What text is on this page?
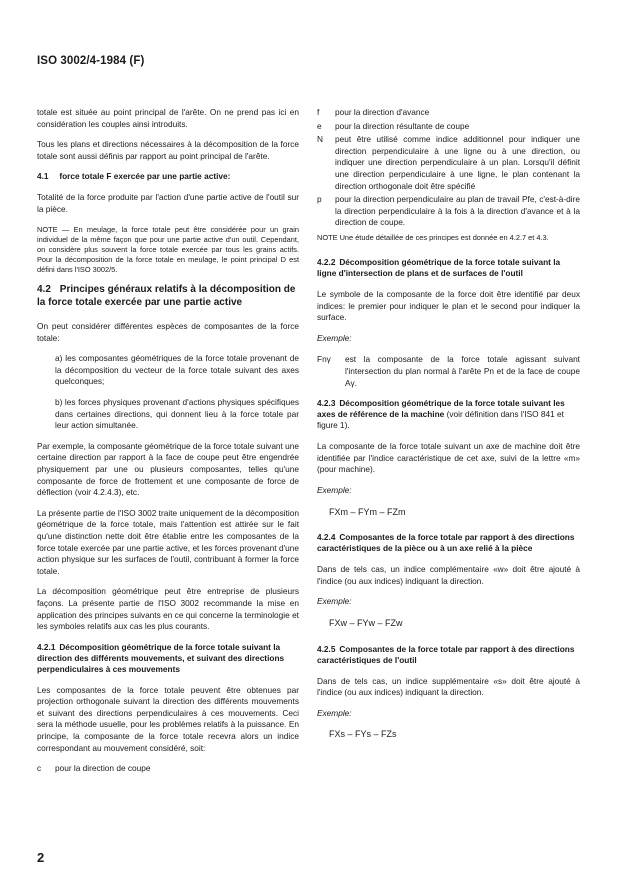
ISO 3002/4-1984 (F)

totale est située au point principal de l'arête. On ne prend pas ici en considération les couples ainsi introduits.

Tous les plans et directions nécessaires à la décomposition de la force totale sont aussi définis par rapport au point principal de l'arête.

4.1 force totale F exercée par une partie active:

Totalité de la force produite par l'action d'une partie active de l'outil sur la pièce.

NOTE — En meulage, la force totale peut être considérée pour un grain individuel de la même façon que pour une partie active d'un outil. Cependant, on considère plus souvent la force totale exercée par tous les grains actifs. Pour la décomposition de la force totale en meulage, le point principal D est défini dans l'ISO 3002/5.

4.2 Principes généraux relatifs à la décomposition de la force totale exercée par une partie active

On peut considérer différentes espèces de composantes de la force totale:

a) les composantes géométriques de la force totale provenant de la décomposition du vecteur de la force totale suivant des axes quelconques;

b) les forces physiques provenant d'actions physiques spécifiques dans certaines directions, qui donnent lieu à la force totale par leur action simultanée.

Par exemple, la composante géométrique de la force totale suivant une certaine direction par rapport à la face de coupe peut être engendrée physiquement par une ou plusieurs composantes, telles qu'une composante de force de frottement et une composante de force de déflection (voir 4.2.4.3), etc.

La présente partie de l'ISO 3002 traite uniquement de la décomposition géométrique de la force totale, mais l'attention est attirée sur le fait qu'une distinction nette doit être établie entre les composantes de la force totale exercée par une partie active, et les forces provenant d'une action physique sur les surfaces de l'outil, contribuant à former la force totale.

La décomposition géométrique peut être entreprise de plusieurs façons. La présente partie de l'ISO 3002 recommande la mise en application des principes suivants en ce qui concerne la terminologie et les symboles relatifs aux cas les plus courants.

4.2.1 Décomposition géométrique de la force totale suivant la direction des différents mouvements, et suivant des directions perpendiculaires à ces mouvements

Les composantes de la force totale peuvent être obtenues par projection orthogonale suivant la direction des différents mouvements et suivant des directions perpendiculaires à ces mouvements. Ceci sera la méthode usuelle, pour les problèmes relatifs à la puissance. En principe, la composante de la force totale recevra alors un indice correspondant au mouvement considéré, soit:

c	pour la direction de coupe

f	pour la direction d'avance

e	pour la direction résultante de coupe

N	peut être utilisé comme indice additionnel pour indiquer une direction perpendiculaire à une ligne ou à une direction, ou indiquer une direction perpendiculaire à un plan. Lorsqu'il définit une direction perpendiculaire à une ligne, le plan contenant la direction orthogonale doit être spécifié

p	pour la direction perpendiculaire au plan de travail Pfe, c'est-à-dire la direction perpendiculaire à la fois à la direction d'avance et à la direction de coupe.

NOTE Une étude détaillée de ces principes est donnée en 4.2.7 et 4.3.

4.2.2 Décomposition géométrique de la force totale suivant la ligne d'intersection de plans et de surfaces de l'outil

Le symbole de la composante de la force doit être identifié par deux indices: le premier pour indiquer le plan et le second pour indiquer la surface.

Exemple:

Fnγ	est la composante de la force totale agissant suivant l'intersection du plan normal à l'arête Pn et de la face de coupe Aγ.

4.2.3 Décomposition géométrique de la force totale suivant les axes de référence de la machine (voir définition dans l'ISO 841 et figure 1).

La composante de la force totale suivant un axe de machine doit être identifiée par l'indice caractéristique de cet axe, suivi de la lettre «m» (pour machine).

Exemple:

FXm – FYm – FZm

4.2.4 Composantes de la force totale par rapport à des directions caractéristiques de la pièce ou à un axe relié à la pièce

Dans de tels cas, un indice complémentaire «w» doit être ajouté à l'indice (ou aux indices) indiquant la direction.

Exemple:

FXw – FYw – FZw

4.2.5 Composantes de la force totale par rapport à des directions caractéristiques de l'outil

Dans de tels cas, un indice supplémentaire «s» doit être ajouté à l'indice (ou aux indices) indiquant la direction.

Exemple:

FXs – FYs – FZs

2
